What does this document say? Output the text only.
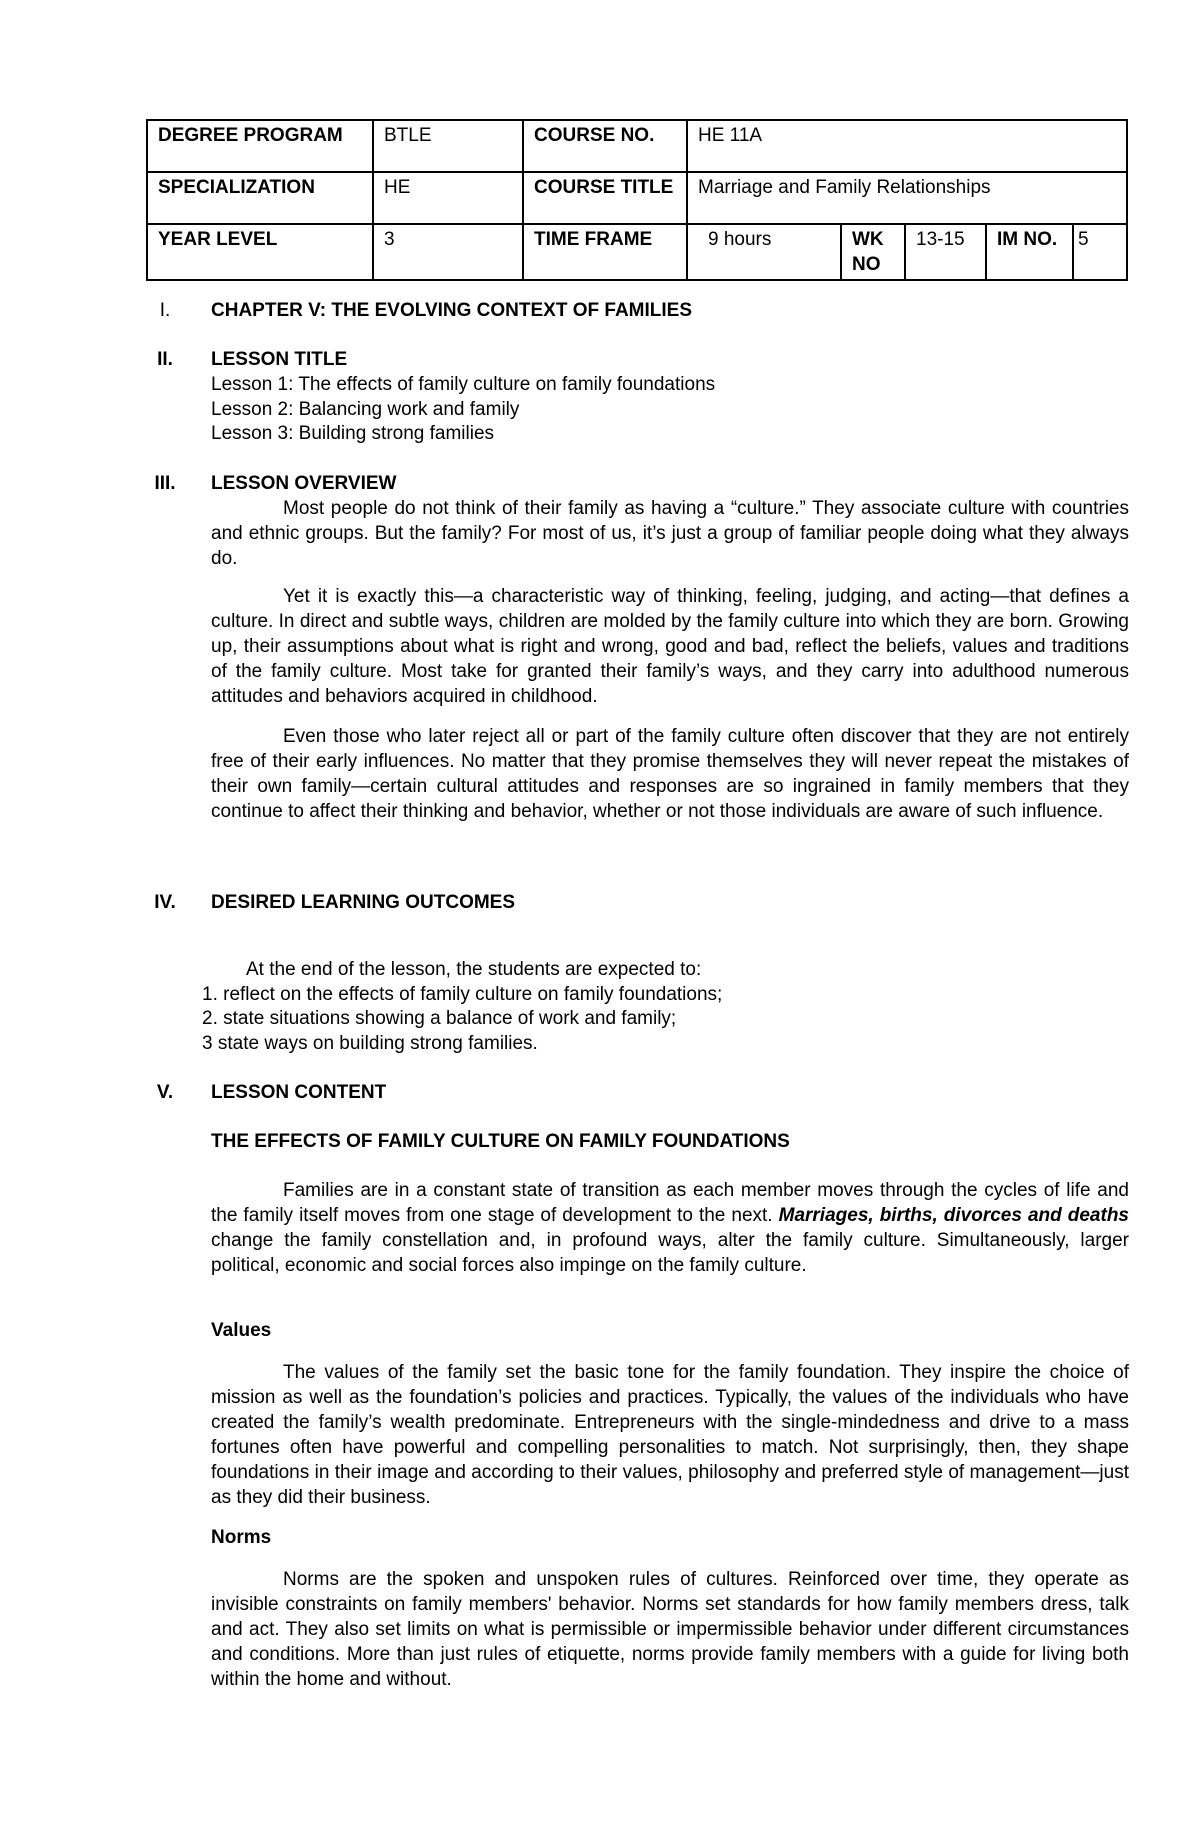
DEGREE PROGRAM	BTLE	COURSE NO.	HE 11A				
SPECIALIZATION	HE	COURSE TITLE	Marriage and Family Relationships				
YEAR LEVEL	3	TIME FRAME	9 hours	WK NO	13-15	IM NO.	5
I.	CHAPTER V: THE EVOLVING CONTEXT OF FAMILIES
II.	LESSON TITLE
Lesson 1: The effects of family culture on family foundations
Lesson 2: Balancing work and family
Lesson 3: Building strong families
III.	LESSON OVERVIEW
Most people do not think of their family as having a “culture.” They associate culture with countries and ethnic groups. But the family? For most of us, it’s just a group of familiar people doing what they always do.
Yet it is exactly this—a characteristic way of thinking, feeling, judging, and acting—that defines a culture. In direct and subtle ways, children are molded by the family culture into which they are born. Growing up, their assumptions about what is right and wrong, good and bad, reflect the beliefs, values and traditions of the family culture. Most take for granted their family’s ways, and they carry into adulthood numerous attitudes and behaviors acquired in childhood.
Even those who later reject all or part of the family culture often discover that they are not entirely free of their early influences. No matter that they promise themselves they will never repeat the mistakes of their own family—certain cultural attitudes and responses are so ingrained in family members that they continue to affect their thinking and behavior, whether or not those individuals are aware of such influence.
IV.	DESIRED LEARNING OUTCOMES
At the end of the lesson, the students are expected to:
1. reflect on the effects of family culture on family foundations;
2. state situations showing a balance of work and family;
3 state ways on building strong families.
V.	LESSON CONTENT
THE EFFECTS OF FAMILY CULTURE ON FAMILY FOUNDATIONS
Families are in a constant state of transition as each member moves through the cycles of life and the family itself moves from one stage of development to the next. Marriages, births, divorces and deaths change the family constellation and, in profound ways, alter the family culture. Simultaneously, larger political, economic and social forces also impinge on the family culture.
Values
The values of the family set the basic tone for the family foundation. They inspire the choice of mission as well as the foundation’s policies and practices. Typically, the values of the individuals who have created the family’s wealth predominate. Entrepreneurs with the single-mindedness and drive to a mass fortunes often have powerful and compelling personalities to match. Not surprisingly, then, they shape foundations in their image and according to their values, philosophy and preferred style of management—just as they did their business.
Norms
Norms are the spoken and unspoken rules of cultures. Reinforced over time, they operate as invisible constraints on family members' behavior. Norms set standards for how family members dress, talk and act. They also set limits on what is permissible or impermissible behavior under different circumstances and conditions. More than just rules of etiquette, norms provide family members with a guide for living both within the home and without.
